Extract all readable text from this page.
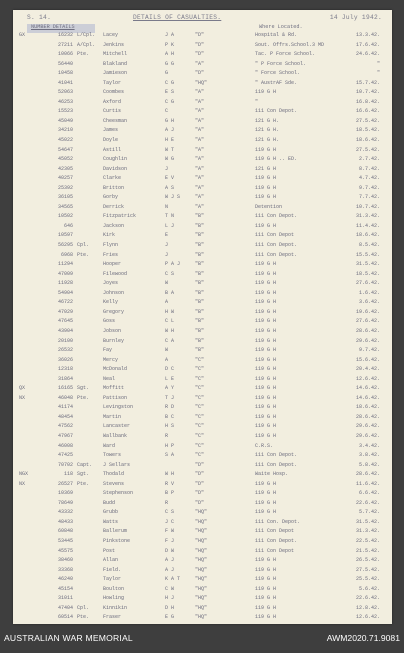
S. 14.	DETAILS OF CASUALTIES.	14 July 1942.
NUMBER DETAILS	Where Located.
GX	16232 L/Cpl.	Lacey	J A	"D"	Hospital & Rd.	13.3.42.
27211 A/Cpl.	Jenkins	P K	"D"	Sout. Offrs.School.3 MD	17.6.42.
10066 Pte.	Mitchell	A H	"D"	Tac. P Force School.	24.6.42.
56440	Blakland	G G	"A"	" P Force School.	"
10458	Jamieson	G	"D"	" Force School.	"
41041	Taylor	C G	"HQ"	" AustrAF Sde.	15.7.42.
52063	Coombes	E S	"A"	119 G H	10.7.42.
46253	Axford	C G	"A"	"	16.8.42.
15523	Curtis	C	"A"	111 Con Depot.	16.6.42.
45049	Cheesman	G H	"A"	121 G H.	27.5.42.
34210	James	A J	"A"	121 G H.	18.5.42.
45022	Doyle	H E	"A"	121 G H.	18.6.42.
54647	Astill	W T	"A"	119 G H	27.5.42.
45052	Coughlin	W G	"A"	119 G H .. ED.	2.7.42.
42305	Davidson	J	"A"	121 G H	8.7.42.
40257	Clarke	E V	"A"	119 G H	4.7.42.
25392	Britton	A S	"A"	119 G H	9.7.42.
36105	Gorby	W J S	"A"	119 G H	7.7.42.
34565	Derrick	N	"A"	Detention	10.7.42.
10502	Fitzpatrick	T N	"B"	111 Con Depot.	31.3.42.
646	Jackson	L J	"B"	119 G H	11.4.42.
10597	Kirk	E	"B"	111 Con Depot	18.6.42.
56295 Cpl.	Flynn	J	"B"	111 Con Depot.	8.5.42.
6968 Pte.	Fries	J	"B"	111 Con Depot.	15.5.42.
11294	Hooper	P A J	"B"	119 G H	31.5.42.
47009	Filewood	C S	"B"	119 G H	18.5.42.
11928	Joyes	W	"B"	119 G H	27.6.42.
54904	Johnson	B A	"B"	119 G H	1.6.42.
46722	Kelly	A	"B"	119 G H	3.6.42.
47029	Gregory	H W	"B"	119 G H	19.6.42.
47645	Goss	C L	"B"	119 G H	27.6.42.
43904	Jobson	W H	"B"	119 G H	28.6.42.
20100	Burnley	C A	"B"	119 G H	29.6.42.
26532	Fay	W	"B"	119 G H	9.7.42.
36026	Mercy	A	"C"	119 G H	15.6.42.
12318	McDonald	D C	"C"	119 G H	20.4.42.
31864	Neal	L E	"C"	119 G H	12.6.42.
QX	16165 Sgt.	Moffitt	A Y	"C"	119 G H	14.6.42.
NX	46048 Pte.	Pattison	T J	"C"	119 G H	14.6.42.
41174	Levingston	R D	"C"	119 G H	18.6.42.
48454	Martin	B C	"C"	119 G H	28.6.42.
47562	Lancaster	H S	"C"	119 G H	29.6.42.
47967	Wallbank	R	"C"	119 G H	29.6.42.
46008	Ward	H P	"C"	C.R.S.	3.4.42.
47425	Towers	S A	"C"	111 Con Depot.	3.8.42.
70702 Capt.	J Sellars	"D"	111 Con Depot.	5.8.42.
NGX	118 Sgt.	Thodald	W H	"D"	Waite Hosp.	28.6.42.
NX	26527 Pte.	Stevens	R V	"D"	119 G H	11.6.42.
10369	Stephenson	B P	"D"	119 G H	6.6.42.
78649	Budd	R	"D"	119 G H	22.6.42.
43332	Grubb	C S	"HQ"	119 G H	5.7.42.
48433	Watts	J C	"HQ"	111 Con. Depot.	31.5.42.
60848	Ballerum	F W	"HQ"	111 Con Depot	31.3.42.
53445	Pinkstone	F J	"HQ"	111 Con Depot.	22.5.42.
45575	Post	D W	"HQ"	111 Con Depot	21.5.42.
38460	Allan	A J	"HQ"	119 G H	26.5.42.
33368	Field.	A J	"HQ"	119 G H	27.5.42.
46240	Taylor	K A T	"HQ"	119 G H	25.5.42.
45154	Boulton	C W	"HQ"	119 G H	5.6.42.
31011	Howling	H J	"HQ"	119 G H	22.6.42.
47404 Cpl.	Kinnikin	D H	"HQ"	119 G H	12.8.42.
60514 Pte.	Fraser	E G	"HQ"	119 G H	12.6.42.
AUSTRALIAN WAR MEMORIAL	AWM2020.71.9081
